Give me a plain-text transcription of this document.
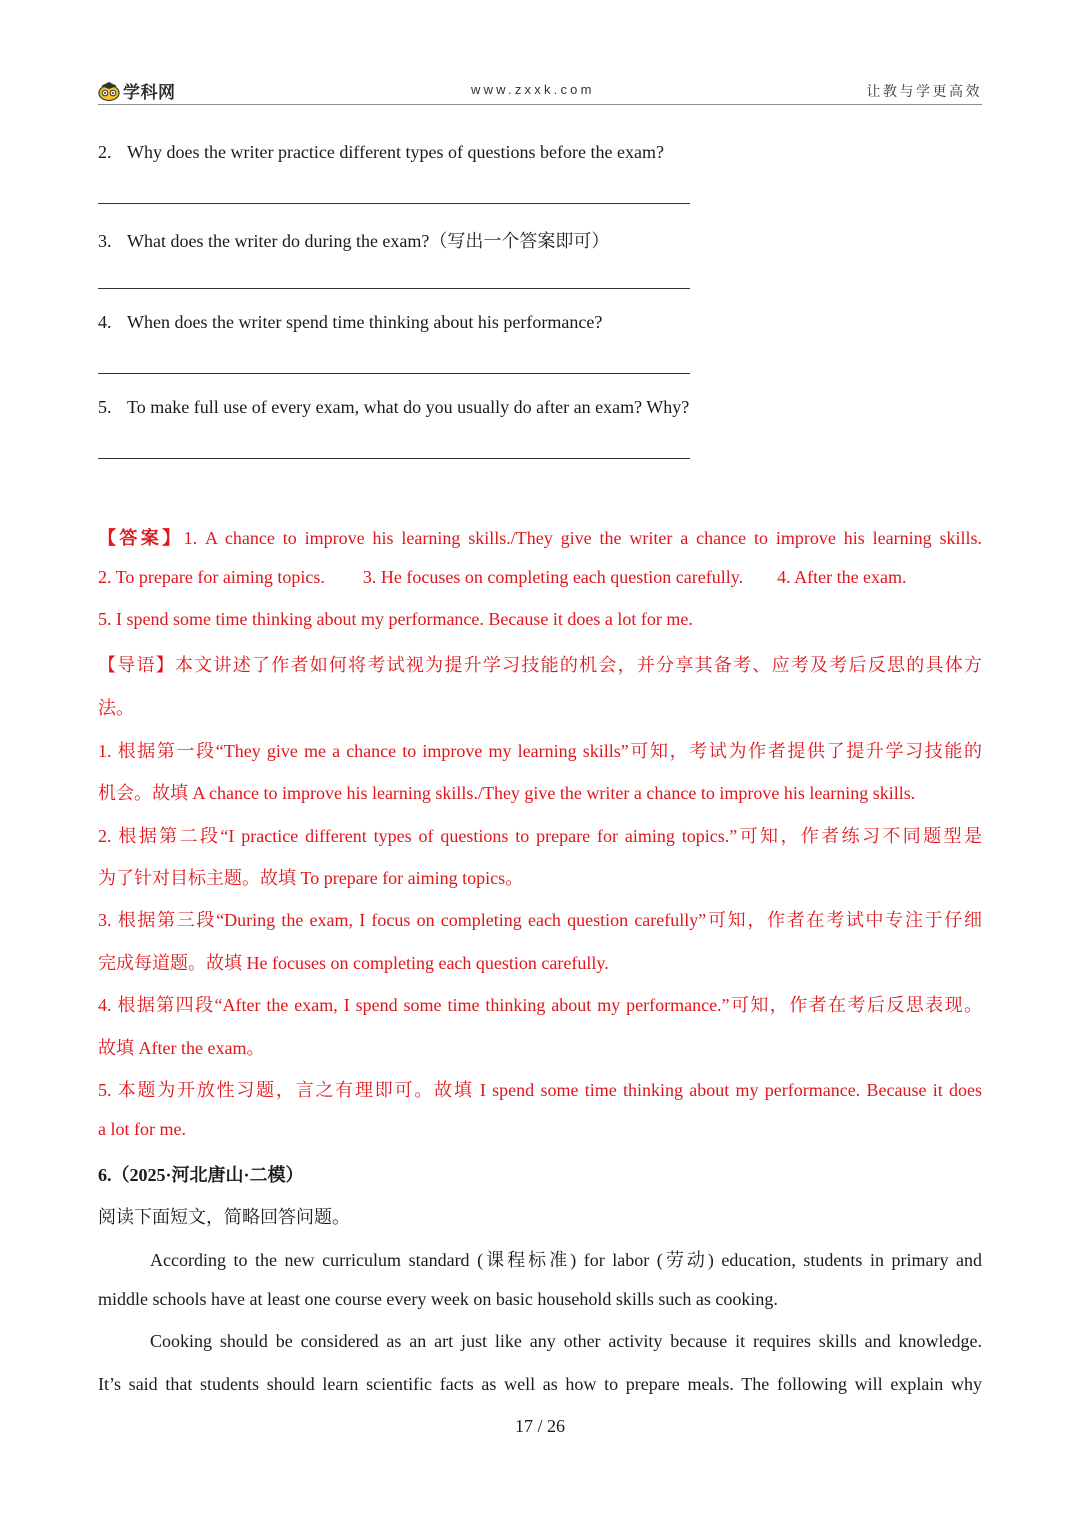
学科网	www.zxxk.com	让教与学更高效
2. Why does the writer practice different types of questions before the exam?
3. What does the writer do during the exam?（写出一个答案即可）
4. When does the writer spend time thinking about his performance?
5. To make full use of every exam, what do you usually do after an exam? Why?
【答案】1. A chance to improve his learning skills./They give the writer a chance to improve his learning skills.
2. To prepare for aiming topics. 3. He focuses on completing each question carefully. 4. After the exam.
5. I spend some time thinking about my performance. Because it does a lot for me.
【导语】本文讲述了作者如何将考试视为提升学习技能的机会，并分享其备考、应考及考后反思的具体方
法。
1. 根据第一段“They give me a chance to improve my learning skills”可知，考试为作者提供了提升学习技能的
机会。故填 A chance to improve his learning skills./They give the writer a chance to improve his learning skills.
2. 根据第二段“I practice different types of questions to prepare for aiming topics.”可知，作者练习不同题型是
为了针对目标主题。故填 To prepare for aiming topics。
3. 根据第三段“During the exam, I focus on completing each question carefully”可知，作者在考试中专注于仔细
完成每道题。故填 He focuses on completing each question carefully.
4. 根据第四段“After the exam, I spend some time thinking about my performance.”可知，作者在考后反思表现。
故填 After the exam。
5. 本题为开放性习题，言之有理即可。故填 I spend some time thinking about my performance. Because it does
a lot for me.
6.（2025·河北唐山·二模）
阅读下面短文，简略回答问题。
According to the new curriculum standard (课程标准) for labor (劳动) education, students in primary and
middle schools have at least one course every week on basic household skills such as cooking.
Cooking should be considered as an art just like any other activity because it requires skills and knowledge.
It’s said that students should learn scientific facts as well as how to prepare meals. The following will explain why
17 / 26
